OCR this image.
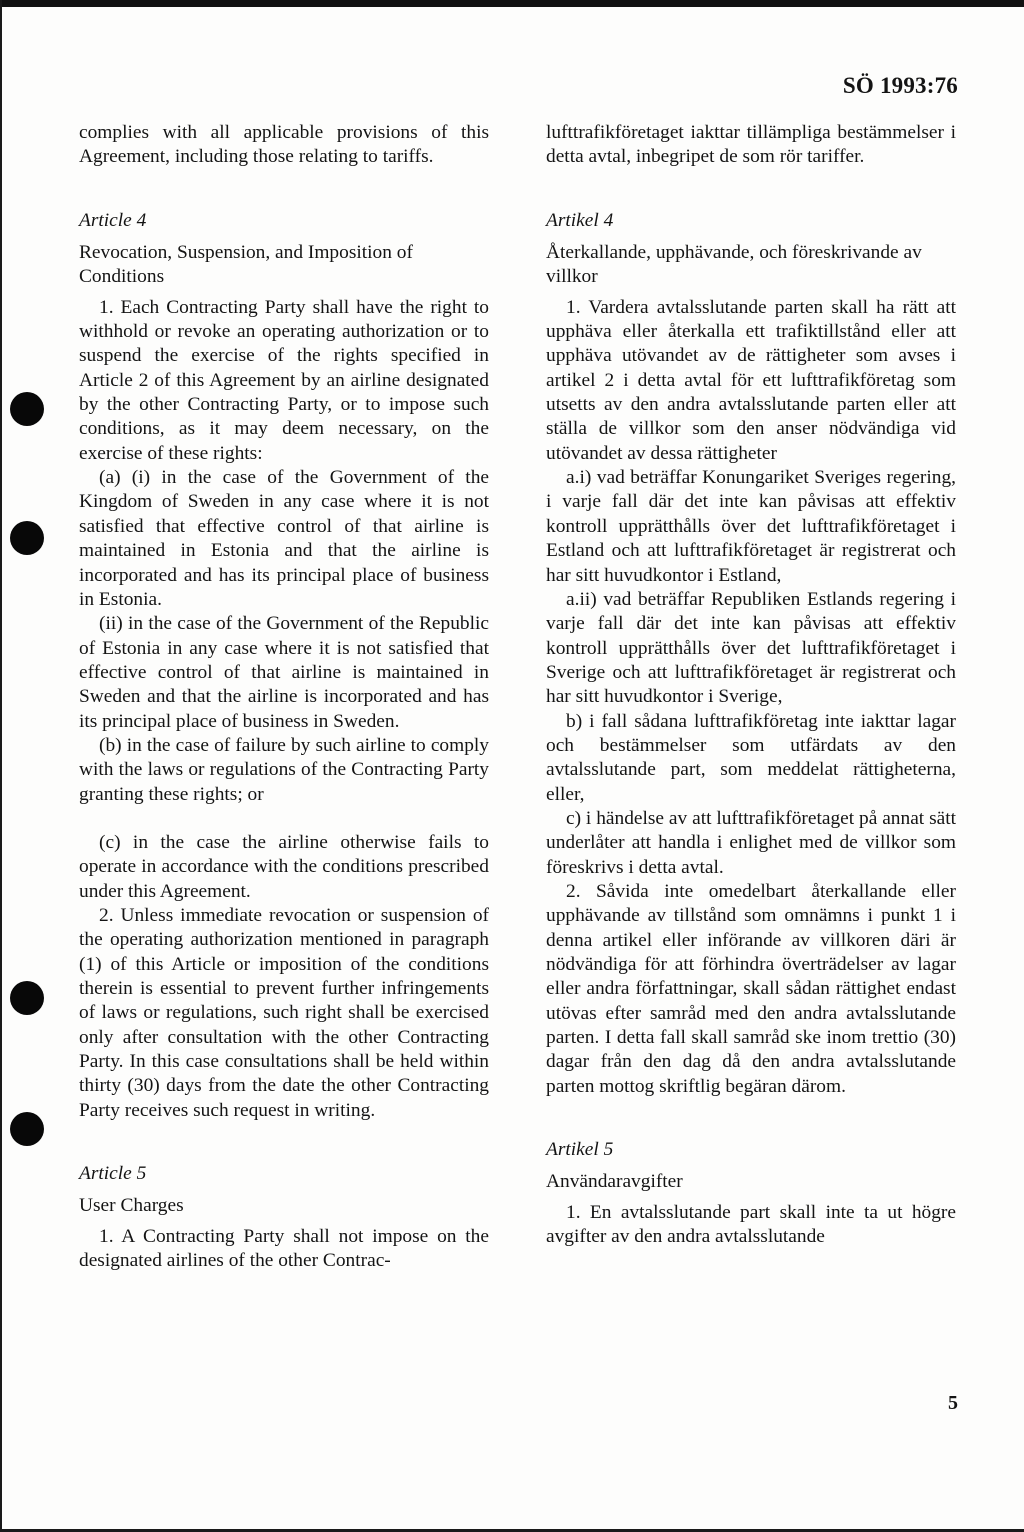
SÖ 1993:76

complies with all applicable provisions of this Agreement, including those relating to tariffs.

Article 4

Revocation, Suspension, and Imposition of Conditions

1. Each Contracting Party shall have the right to withhold or revoke an operating authorization or to suspend the exercise of the rights specified in Article 2 of this Agreement by an airline designated by the other Contracting Party, or to impose such conditions, as it may deem necessary, on the exercise of these rights:

(a) (i) in the case of the Government of the Kingdom of Sweden in any case where it is not satisfied that effective control of that airline is maintained in Estonia and that the airline is incorporated and has its principal place of business in Estonia.

(ii) in the case of the Government of the Republic of Estonia in any case where it is not satisfied that effective control of that airline is maintained in Sweden and that the airline is incorporated and has its principal place of business in Sweden.

(b) in the case of failure by such airline to comply with the laws or regulations of the Contracting Party granting these rights; or

(c) in the case the airline otherwise fails to operate in accordance with the conditions prescribed under this Agreement.

2. Unless immediate revocation or suspension of the operating authorization mentioned in paragraph (1) of this Article or imposition of the conditions therein is essential to prevent further infringements of laws or regulations, such right shall be exercised only after consultation with the other Contracting Party. In this case consultations shall be held within thirty (30) days from the date the other Contracting Party receives such request in writing.

Article 5

User Charges

1. A Contracting Party shall not impose on the designated airlines of the other Contrac-

lufttrafikföretaget iakttar tillämpliga bestämmelser i detta avtal, inbegripet de som rör tariffer.

Artikel 4

Återkallande, upphävande, och föreskrivande av villkor

1. Vardera avtalsslutande parten skall ha rätt att upphäva eller återkalla ett trafiktillstånd eller att upphäva utövandet av de rättigheter som avses i artikel 2 i detta avtal för ett lufttrafikföretag som utsetts av den andra avtalsslutande parten eller att ställa de villkor som den anser nödvändiga vid utövandet av dessa rättigheter

a.i) vad beträffar Konungariket Sveriges regering, i varje fall där det inte kan påvisas att effektiv kontroll upprätthålls över det lufttrafikföretaget i Estland och att lufttrafikföretaget är registrerat och har sitt huvudkontor i Estland,

a.ii) vad beträffar Republiken Estlands regering i varje fall där det inte kan påvisas att effektiv kontroll upprätthålls över det lufttrafikföretaget i Sverige och att lufttrafikföretaget är registrerat och har sitt huvudkontor i Sverige,

b) i fall sådana lufttrafikföretag inte iakttar lagar och bestämmelser som utfärdats av den avtalsslutande part, som meddelat rättigheterna, eller,

c) i händelse av att lufttrafikföretaget på annat sätt underlåter att handla i enlighet med de villkor som föreskrivs i detta avtal.

2. Såvida inte omedelbart återkallande eller upphävande av tillstånd som omnämns i punkt 1 i denna artikel eller införande av villkoren däri är nödvändiga för att förhindra överträdelser av lagar eller andra författningar, skall sådan rättighet endast utövas efter samråd med den andra avtalsslutande parten. I detta fall skall samråd ske inom trettio (30) dagar från den dag då den andra avtalsslutande parten mottog skriftlig begäran därom.

Artikel 5

Användaravgifter

1. En avtalsslutande part skall inte ta ut högre avgifter av den andra avtalsslutande

5
